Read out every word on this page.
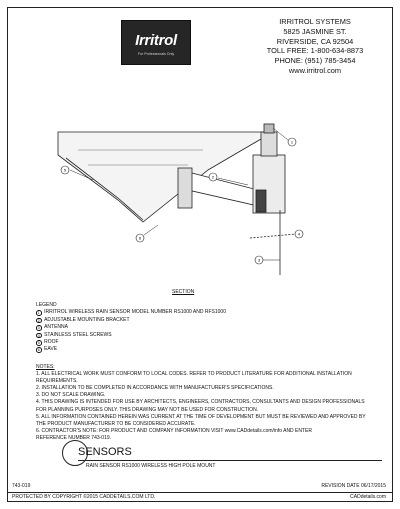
Irritrol
For Professionals Only
IRRITROL SYSTEMS
5825 JASMINE ST.
RIVERSIDE, CA 92504
TOLL FREE: 1-800-634-8873
PHONE: (951) 785-3454
www.irritrol.com
5
2
1
4
3
6
SECTION
LEGEND
1 IRRITROL WIRELESS RAIN SENSOR MODEL NUMBER RS1000 AND RFS1000
2 ADJUSTABLE MOUNTING BRACKET
3 ANTENNA
4 STAINLESS STEEL SCREWS
5 ROOF
6 EAVE
NOTES:
1. ALL ELECTRICAL WORK MUST CONFORM TO LOCAL CODES. REFER TO PRODUCT LITERATURE FOR ADDITIONAL INSTALLATION
REQUIREMENTS.
2. INSTALLATION TO BE COMPLETED IN ACCORDANCE WITH MANUFACTURER'S SPECIFICATIONS.
3. DO NOT SCALE DRAWING.
4. THIS DRAWING IS INTENDED FOR USE BY ARCHITECTS, ENGINEERS, CONTRACTORS, CONSULTANTS AND DESIGN PROFESSIONALS
FOR PLANNING PURPOSES ONLY. THIS DRAWING MAY NOT BE USED FOR CONSTRUCTION.
5. ALL INFORMATION CONTAINED HEREIN WAS CURRENT AT THE TIME OF DEVELOPMENT BUT MUST BE REVIEWED AND APPROVED BY
THE PRODUCT MANUFACTURER TO BE CONSIDERED ACCURATE.
6. CONTRACTOR'S NOTE: FOR PRODUCT AND COMPANY INFORMATION VISIT www.CADdetails.com/info AND ENTER
REFERENCE NUMBER 743-019.
SENSORS
RAIN SENSOR RS1000 WIRELESS HIGH POLE MOUNT
743-019	REVISION DATE 06/17/2015
PROTECTED BY COPYRIGHT ©2015 CADDETAILS.COM LTD.	CADdetails.com
